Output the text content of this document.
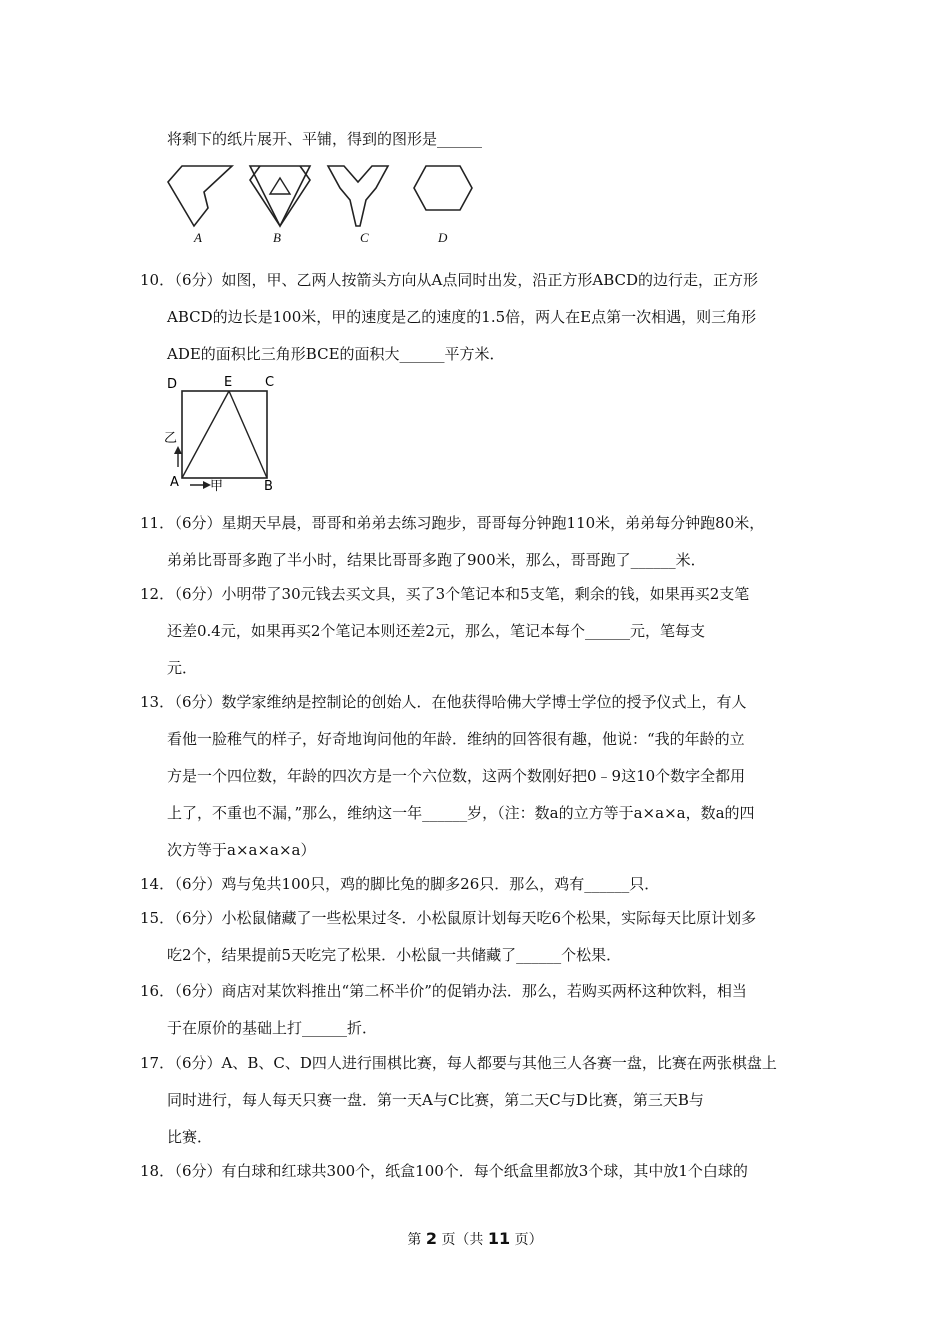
将剩下的纸片展开、平铺，得到的图形是______
A	B	C	D
10．
（6分）如图，甲、乙两人按箭头方向从A点同时出发，沿正方形ABCD的边行走，正方形
ABCD的边长是100米，甲的速度是乙的速度的1.5倍，两人在E点第一次相遇，则三角形
ADE的面积比三角形BCE的面积大______平方米．
D	E	C
A	B
乙
甲
11．
（6分）星期天早晨，哥哥和弟弟去练习跑步，哥哥每分钟跑110米，弟弟每分钟跑80米，
弟弟比哥哥多跑了半小时，结果比哥哥多跑了900米，那么，哥哥跑了______米．
12．
（6分）小明带了30元钱去买文具，买了3个笔记本和5支笔，剩余的钱，如果再买2支笔
还差0.4元，如果再买2个笔记本则还差2元，那么，笔记本每个______元，笔每支
元．
13．
（6分）数学家维纳是控制论的创始人．在他获得哈佛大学博士学位的授予仪式上，有人
看他一脸稚气的样子，好奇地询问他的年龄．维纳的回答很有趣，他说：“我的年龄的立
方是一个四位数，年龄的四次方是一个六位数，这两个数刚好把0﹣9这10个数字全都用
上了，不重也不漏，”那么，维纳这一年______岁，（注：数a的立方等于a×a×a，数a的四
次方等于a×a×a×a）
14．
（6分）鸡与兔共100只，鸡的脚比兔的脚多26只．那么，鸡有______只．
15．
（6分）小松鼠储藏了一些松果过冬．小松鼠原计划每天吃6个松果，实际每天比原计划多
吃2个，结果提前5天吃完了松果．小松鼠一共储藏了______个松果．
16．
（6分）商店对某饮料推出“第二杯半价”的促销办法．那么，若购买两杯这种饮料，相当
于在原价的基础上打______折．
17．
（6分）A、B、C、D四人进行围棋比赛，每人都要与其他三人各赛一盘，比赛在两张棋盘上
同时进行，每人每天只赛一盘．第一天A与C比赛，第二天C与D比赛，第三天B与
比赛．
18．
（6分）有白球和红球共300个，纸盒100个．每个纸盒里都放3个球，其中放1个白球的
第 2 页（共 11 页）
